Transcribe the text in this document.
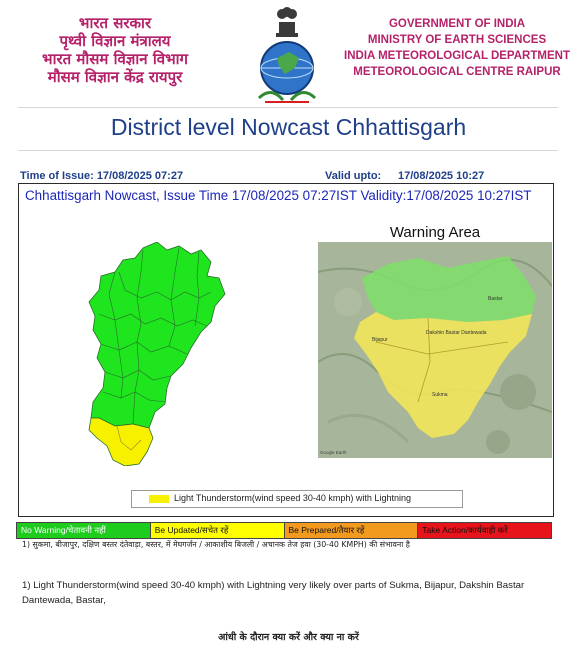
भारत सरकार
पृथ्वी विज्ञान मंत्रालय
भारत मौसम विज्ञान विभाग
मौसम विज्ञान केंद्र रायपुर
GOVERNMENT OF INDIA
MINISTRY OF EARTH SCIENCES
INDIA METEOROLOGICAL DEPARTMENT
METEOROLOGICAL CENTRE RAIPUR
District level Nowcast Chhattisgarh
Time of Issue: 17/08/2025 07:27	Valid upto: 17/08/2025 10:27
Chhattisgarh Nowcast, Issue Time 17/08/2025 07:27IST Validity:17/08/2025 10:27IST
Warning Area
Bastar
Bijapur
Dakshin Bastar Dantewada
Sukma
Google Earth
Light Thunderstorm(wind speed 30-40 kmph) with Lightning
No Warning/चेतावनी नहीं	Be Updated/सचेत रहें	Be Prepared/तैयार रहें	Take Action/कार्यवाही करें
1) सुकमा, बीजापुर, दक्षिण बस्तर दंतेवाड़ा, बस्तर, में मेघगर्जन / आकाशीय बिजली / अचानक तेज हवा (30-40 KMPH) की संभावना है
1) Light Thunderstorm(wind speed 30-40 kmph) with Lightning very likely over parts of Sukma, Bijapur, Dakshin Bastar Dantewada, Bastar,
आंधी के दौरान क्या करें और क्या ना करें
